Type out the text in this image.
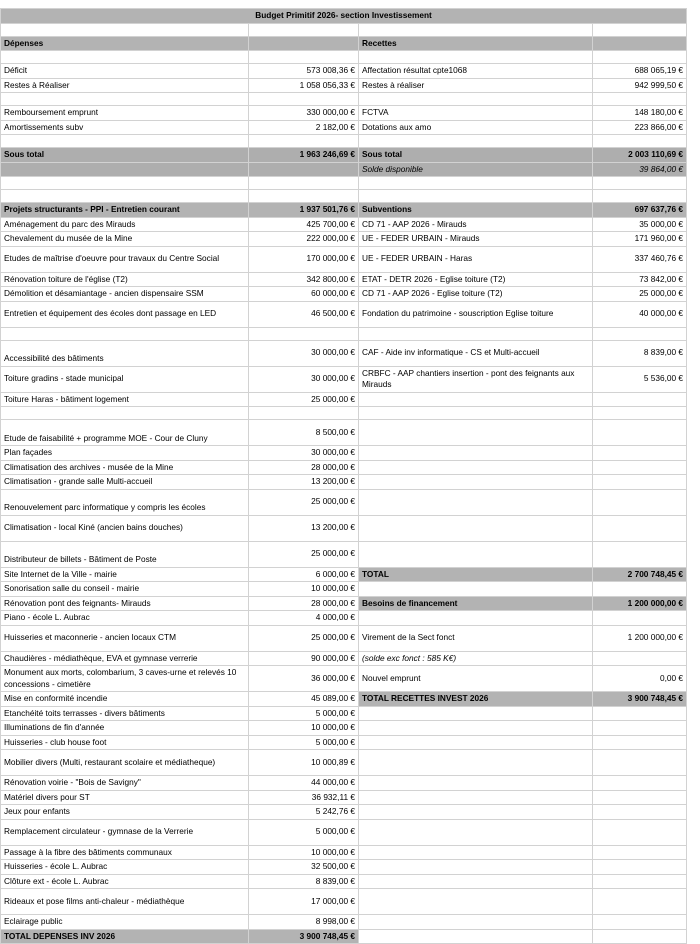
Budget Primitif 2026- section Investissement			

Dépenses		Recettes	

Déficit	573 008,36 €	Affectation résultat cpte1068	688 065,19 €
Restes à Réaliser	1 058 056,33 €	Restes à réaliser	942 999,50 €

Remboursement emprunt	330 000,00 €	FCTVA	148 180,00 €
Amortissements subv	2 182,00 €	Dotations aux amo	223 866,00 €

Sous total	1 963 246,69 €	Sous total	2 003 110,69 €
		Solde disponible	39 864,00 €

Projets structurants - PPI - Entretien courant	1 937 501,76 €	Subventions	697 637,76 €
Aménagement du parc des Mirauds	425 700,00 €	CD 71 - AAP 2026 - Mirauds	35 000,00 €
Chevalement du musée de la Mine	222 000,00 €	UE - FEDER URBAIN - Mirauds	171 960,00 €
Etudes de maîtrise d'oeuvre pour travaux du Centre Social	170 000,00 €	UE - FEDER URBAIN - Haras	337 460,76 €
Rénovation toiture de l'église (T2)	342 800,00 €	ETAT - DETR 2026 - Eglise toiture (T2)	73 842,00 €
Démolition et désamiantage - ancien dispensaire SSM	60 000,00 €	CD 71 - AAP 2026 - Eglise toiture (T2)	25 000,00 €
Entretien et équipement des écoles dont passage en LED	46 500,00 €	Fondation du patrimoine - souscription Eglise toiture	40 000,00 €

Accessibilité des bâtiments	30 000,00 €	CAF - Aide inv informatique - CS et Multi-accueil	8 839,00 €
Toiture gradins - stade municipal	30 000,00 €	CRBFC - AAP chantiers insertion - pont des feignants aux Mirauds	5 536,00 €
Toiture Haras - bâtiment logement	25 000,00 €		

Etude de faisabilité + programme MOE - Cour de Cluny	8 500,00 €		
Plan façades	30 000,00 €		
Climatisation des archives - musée de la Mine	28 000,00 €		
Climatisation - grande salle Multi-accueil	13 200,00 €		
Renouvelement parc informatique y compris les écoles	25 000,00 €		
Climatisation - local Kiné (ancien bains douches)	13 200,00 €		
Distributeur de billets - Bâtiment de Poste	25 000,00 €		
Site Internet de la Ville - mairie	6 000,00 €	TOTAL	2 700 748,45 €
Sonorisation salle du conseil - mairie	10 000,00 €		
Rénovation pont des feignants- Mirauds	28 000,00 €	Besoins de financement	1 200 000,00 €
Piano - école L. Aubrac	4 000,00 €		
Huisseries et maconnerie - ancien locaux CTM	25 000,00 €	Virement de la Sect fonct	1 200 000,00 €
Chaudières - médiathèque, EVA et gymnase verrerie	90 000,00 €	(solde exc fonct : 585 K€)	
Monument aux morts, colombarium, 3 caves-urne et relevés 10 concessions - cimetière	36 000,00 €	Nouvel emprunt	0,00 €
Mise en conformité incendie	45 089,00 €	TOTAL RECETTES INVEST 2026	3 900 748,45 €
Etanchéité toits terrasses - divers bâtiments	5 000,00 €		
Illuminations de fin d'année	10 000,00 €		
Huisseries - club house foot	5 000,00 €		
Mobilier divers (Multi, restaurant scolaire et médiatheque)	10 000,89 €		
Rénovation voirie - "Bois de Savigny"	44 000,00 €		
Matériel divers pour ST	36 932,11 €		
Jeux pour enfants	5 242,76 €		
Remplacement circulateur - gymnase de la Verrerie	5 000,00 €		
Passage à la fibre des bâtiments communaux	10 000,00 €		
Huisseries - école L. Aubrac	32 500,00 €		
Clôture ext - école L. Aubrac	8 839,00 €		
Rideaux et pose films anti-chaleur - médiathèque	17 000,00 €		
Eclairage public	8 998,00 €		
TOTAL DEPENSES INV 2026	3 900 748,45 €		
